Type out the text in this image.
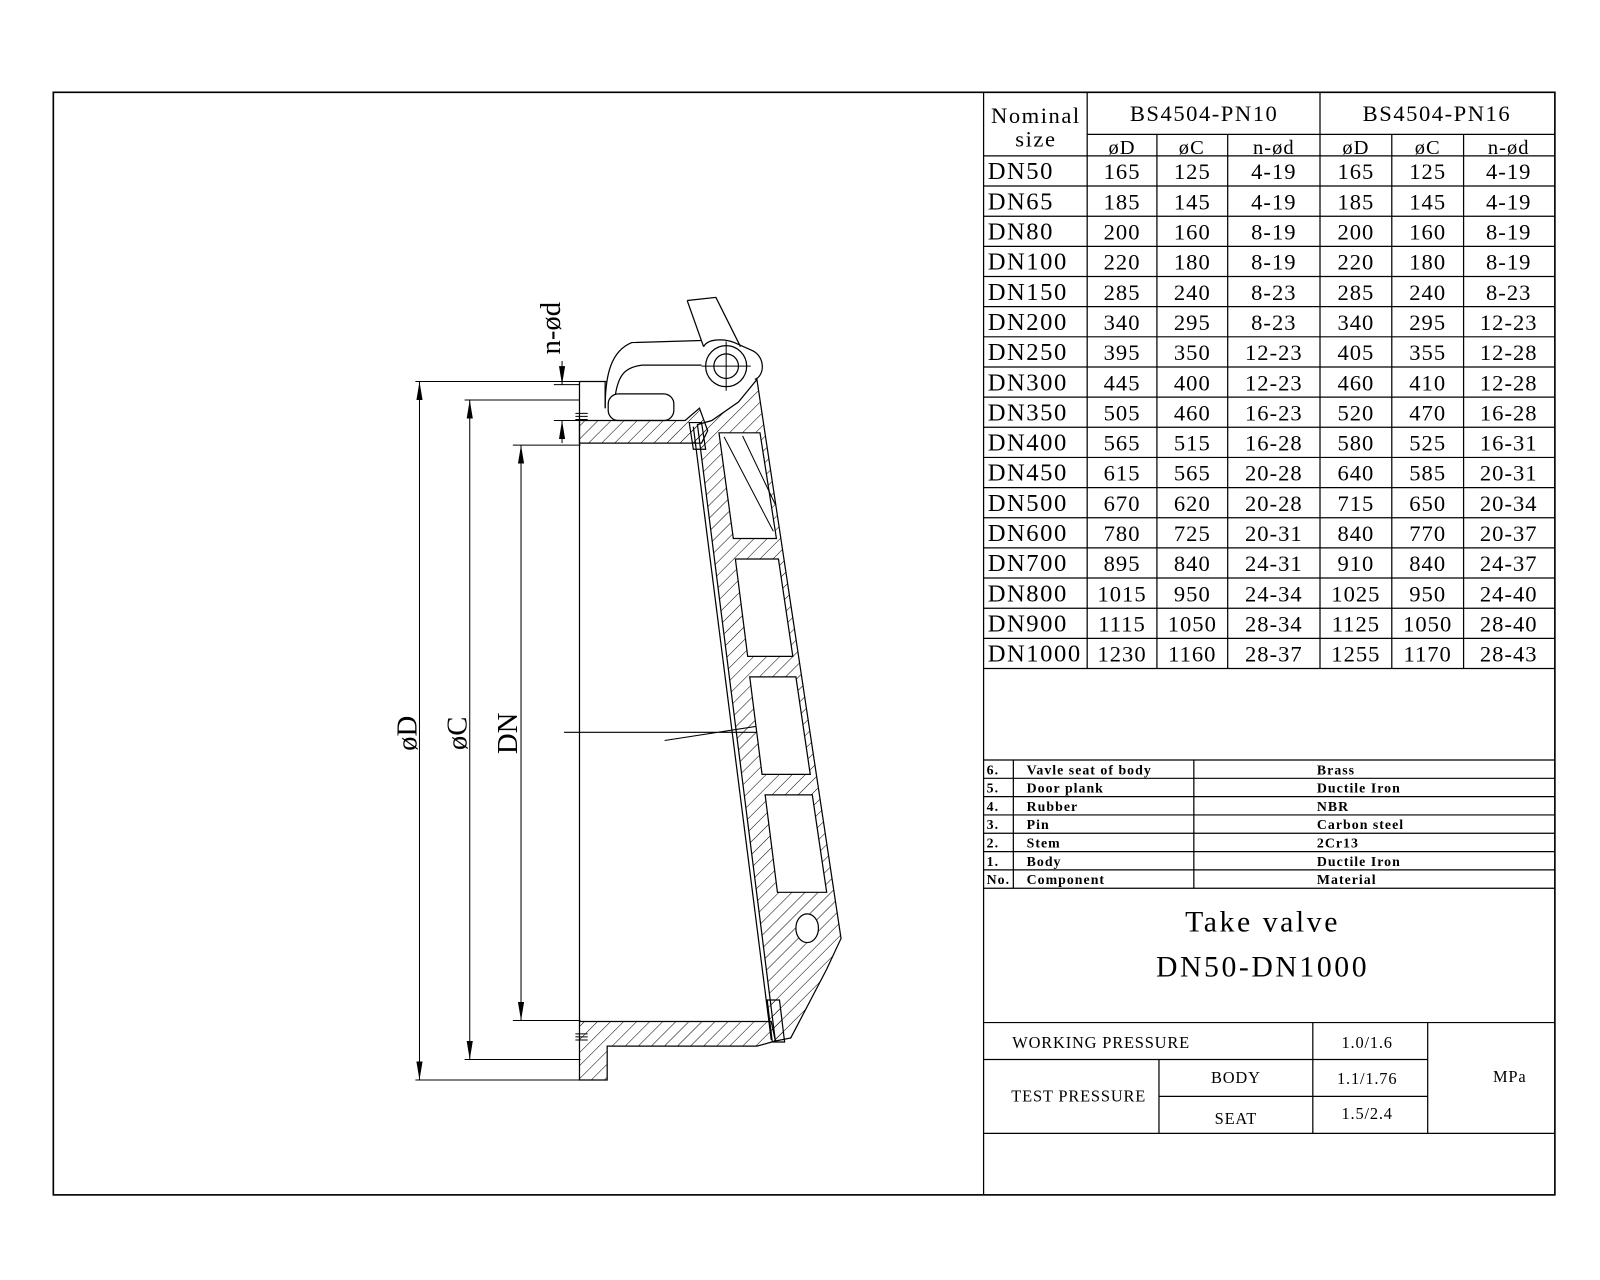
øD øC DN
n-ød
Nominal
size
BS4504-PN10	BS4504-PN16
øD øC n-ød øD øC n-ød
DN50 165 125 4-19 165 125 4-19
DN65 185 145 4-19 185 145 4-19
DN80 200 160 8-19 200 160 8-19
DN100 220 180 8-19 220 180 8-19
DN150 285 240 8-23 285 240 8-23
DN200 340 295 8-23 340 295 12-23
DN250 395 350 12-23 405 355 12-28
DN300 445 400 12-23 460 410 12-28
DN350 505 460 16-23 520 470 16-28
DN400 565 515 16-28 580 525 16-31
DN450 615 565 20-28 640 585 20-31
DN500 670 620 20-28 715 650 20-34
DN600 780 725 20-31 840 770 20-37
DN700 895 840 24-31 910 840 24-37
DN800 1015 950 24-34 1025 950 24-40
DN900 1115 1050 28-34 1125 1050 28-40
DN1000 1230 1160 28-37 1255 1170 28-43
6. Vavle seat of body	Brass
5. Door plank	Ductile Iron
4. Rubber	NBR
3. Pin	Carbon steel
2. Stem	2Cr13
1. Body	Ductile Iron
No. Component	Material
Take valve
DN50-DN1000
WORKING PRESSURE	1.0/1.6
TEST PRESSURE
BODY	1.1/1.76
SEAT	1.5/2.4
MPa
